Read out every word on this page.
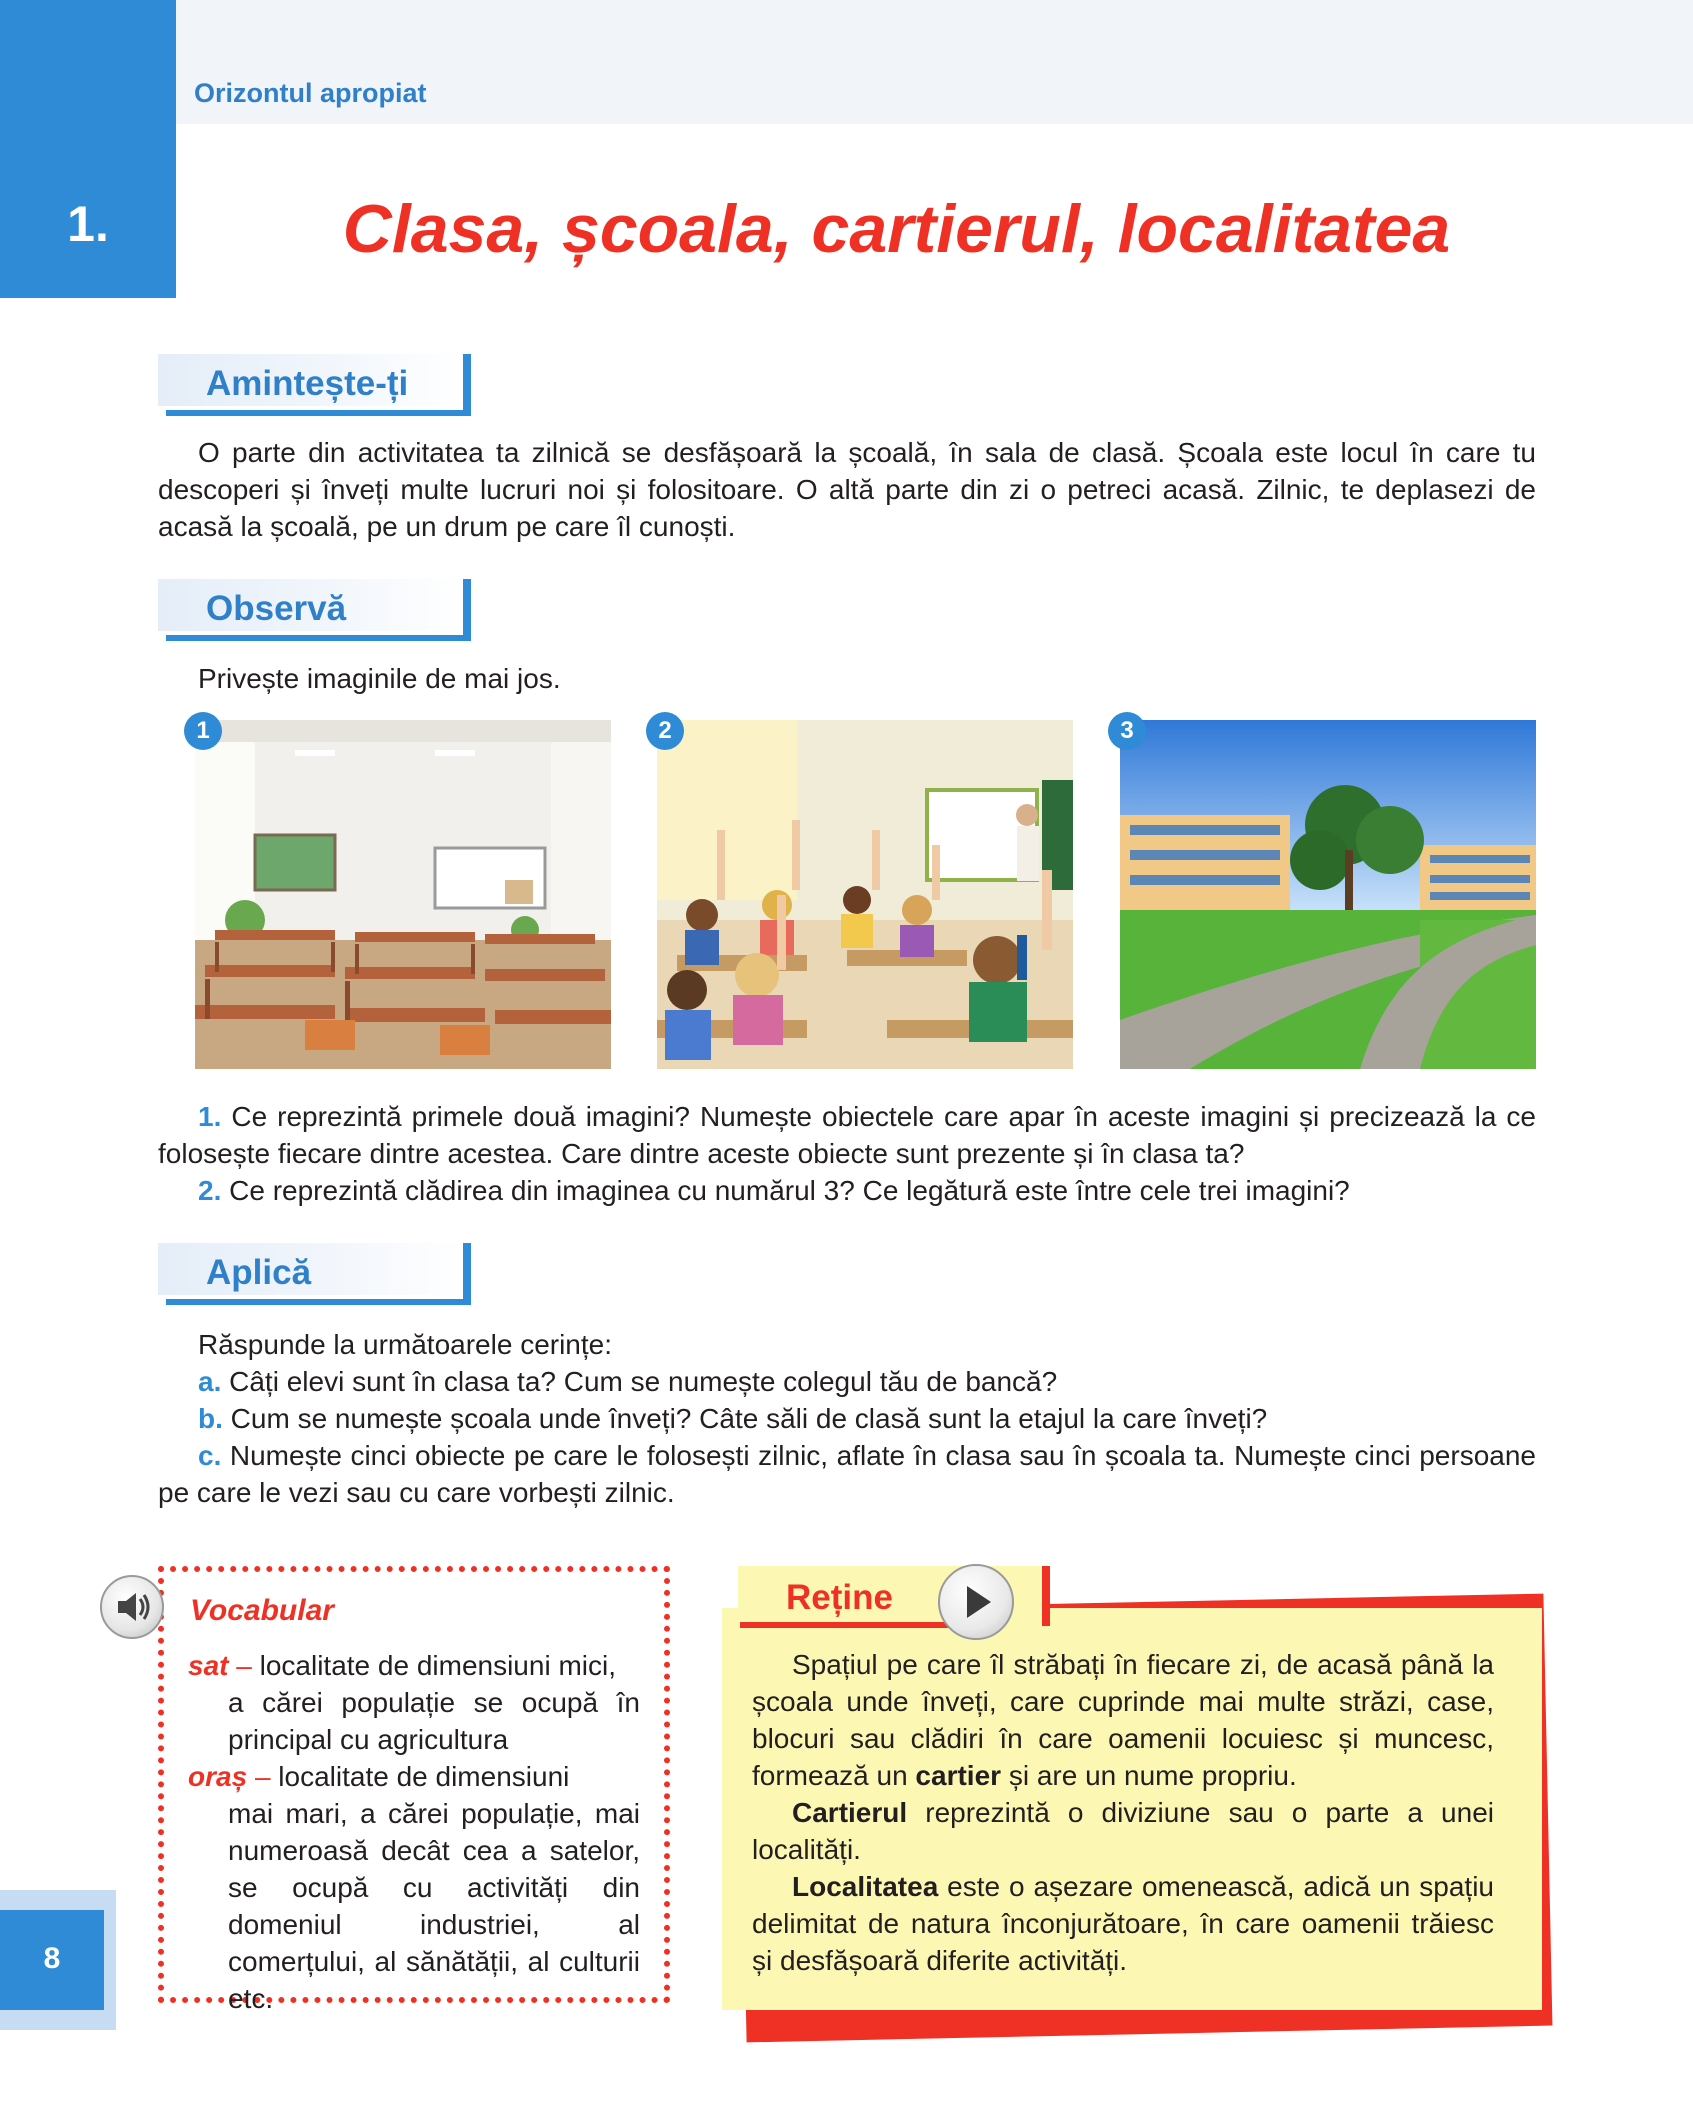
1.
Orizontul apropiat
Clasa, școala, cartierul, localitatea
Amintește-ți
O parte din activitatea ta zilnică se desfășoară la școală, în sala de clasă. Școala este locul în care tu descoperi și înveți multe lucruri noi și folositoare. O altă parte din zi o petreci acasă. Zilnic, te deplasezi de acasă la școală, pe un drum pe care îl cunoști.
Observă
Privește imaginile de mai jos.
1	2	3
1. Ce reprezintă primele două imagini? Numește obiectele care apar în aceste imagini și precizează la ce folosește fiecare dintre acestea. Care dintre aceste obiecte sunt prezente și în clasa ta?
2. Ce reprezintă clădirea din imaginea cu numărul 3? Ce legătură este între cele trei imagini?
Aplică
Răspunde la următoarele cerințe:
a. Câți elevi sunt în clasa ta? Cum se numește colegul tău de bancă?
b. Cum se numește școala unde înveți? Câte săli de clasă sunt la etajul la care înveți?
c. Numește cinci obiecte pe care le folosești zilnic, aflate în clasa sau în școala ta. Numește cinci persoane pe care le vezi sau cu care vorbești zilnic.
Vocabular
sat – localitate de dimensiuni mici,
a cărei populație se ocupă în principal cu agricultura
oraș – localitate de dimensiuni
mai mari, a cărei populație, mai numeroasă decât cea a satelor, se ocupă cu activități din domeniul industriei, al comerțului, al sănătății, al culturii etc.
Reține
Spațiul pe care îl străbați în fiecare zi, de acasă până la școala unde înveți, care cuprinde mai multe străzi, case, blocuri sau clădiri în care oamenii locuiesc și muncesc, formează un cartier și are un nume propriu.
Cartierul reprezintă o diviziune sau o parte a unei localități.
Localitatea este o așezare omenească, adică un spațiu delimitat de natura înconjurătoare, în care oamenii trăiesc și desfășoară diferite activități.
8
